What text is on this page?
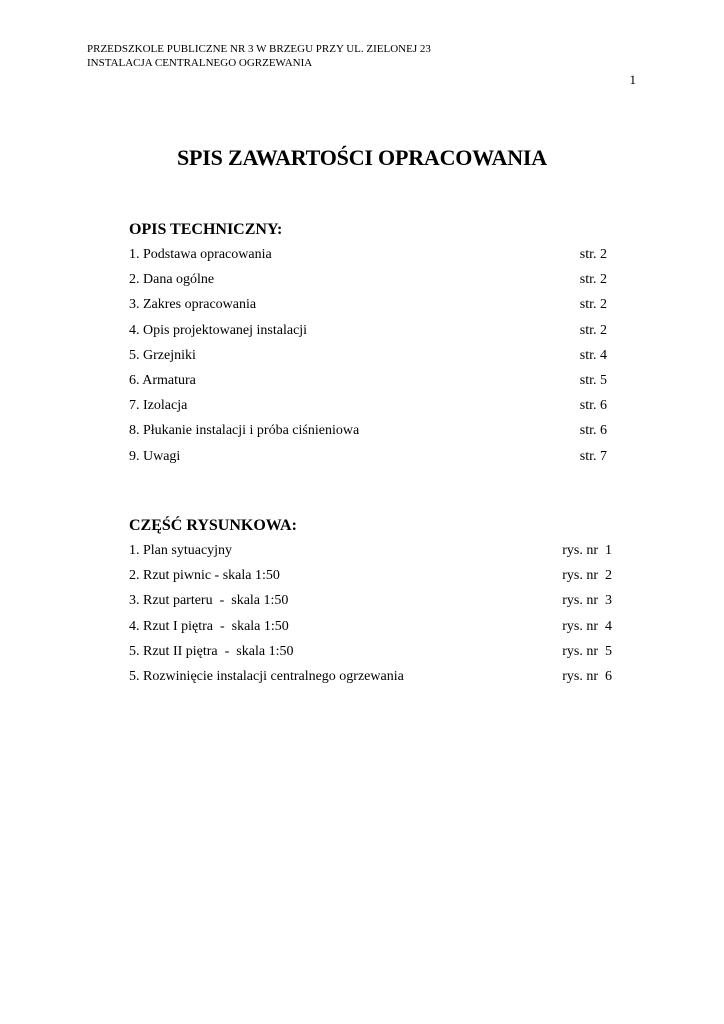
PRZEDSZKOLE PUBLICZNE NR 3 W BRZEGU PRZY UL. ZIELONEJ 23
INSTALACJA CENTRALNEGO OGRZEWANIA
1
SPIS ZAWARTOŚCI OPRACOWANIA
OPIS TECHNICZNY:
1. Podstawa opracowania	str. 2
2. Dana ogólne	str. 2
3. Zakres opracowania	str. 2
4. Opis projektowanej instalacji	str. 2
5. Grzejniki	str. 4
6. Armatura	str. 5
7. Izolacja	str. 6
8. Płukanie instalacji i próba ciśnieniowa	str. 6
9. Uwagi	str. 7
CZĘŚĆ RYSUNKOWA:
1. Plan sytuacyjny	rys. nr  1
2. Rzut piwnic - skala 1:50	rys. nr  2
3. Rzut parteru  -  skala 1:50	rys. nr  3
4. Rzut I piętra  -  skala 1:50	rys. nr  4
5. Rzut II piętra  -  skala 1:50	rys. nr  5
5. Rozwinięcie instalacji centralnego ogrzewania	rys. nr  6
